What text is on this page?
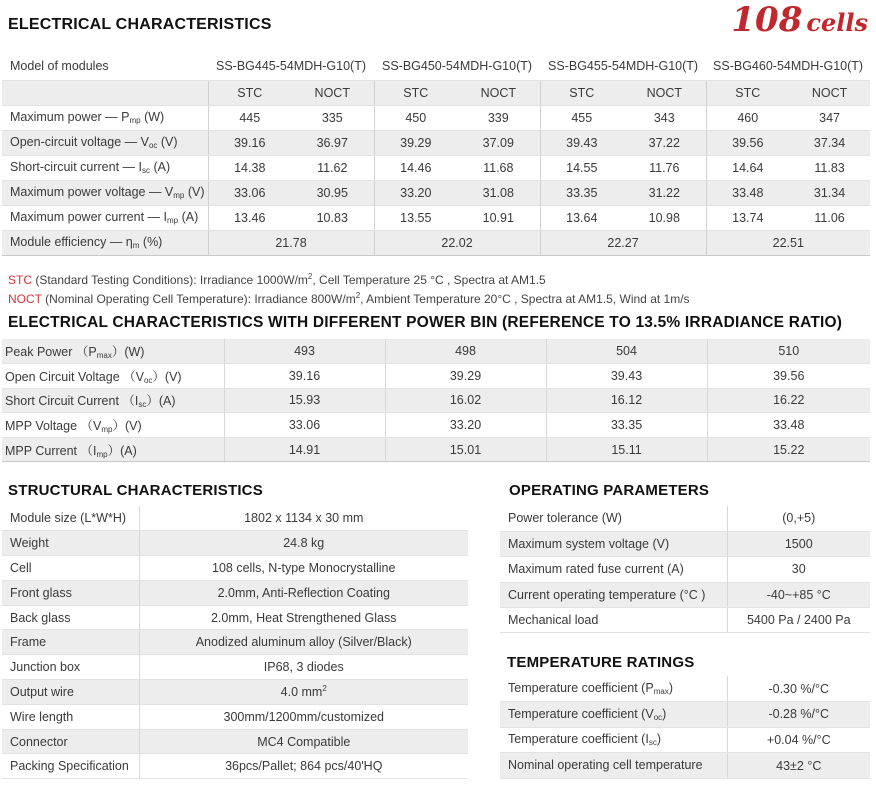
ELECTRICAL CHARACTERISTICS	108 cells
Model of modules	SS-BG445-54MDH-G10(T)		SS-BG450-54MDH-G10(T)		SS-BG455-54MDH-G10(T)		SS-BG460-54MDH-G10(T)	
	STC	NOCT	STC	NOCT	STC	NOCT	STC	NOCT
Maximum power — $P_{mp}$ (W)	445	335	450	339	455	343	460	347
Open-circuit voltage — $V_{oc}$ (V)	39.16	36.97	39.29	37.09	39.43	37.22	39.56	37.34
Short-circuit current — $I_{sc}$ (A)	14.38	11.62	14.46	11.68	14.55	11.76	14.64	11.83
Maximum power voltage — $V_{mp}$ (V)	33.06	30.95	33.20	31.08	33.35	31.22	33.48	31.34
Maximum power current — $I_{mp}$ (A)	13.46	10.83	13.55	10.91	13.64	10.98	13.74	11.06
Module efficiency — $\eta_m$ (%)	21.78		22.02		22.27		22.51	
STC (Standard Testing Conditions): Irradiance $1000W/m^2$, Cell Temperature 25 °C , Spectra at AM1.5
NOCT (Nominal Operating Cell Temperature): Irradiance $800W/m^2$, Ambient Temperature 20°C , Spectra at AM1.5, Wind at 1m/s
ELECTRICAL CHARACTERISTICS WITH DIFFERENT POWER BIN (REFERENCE TO 13.5% IRRADIANCE RATIO)
Peak Power $(P_{max})(W)$	493	498	504	510
Open Circuit Voltage $(V_{oc})(V)$	39.16	39.29	39.43	39.56
Short Circuit Current $(I_{sc})(A)$	15.93	16.02	16.12	16.22
MPP Voltage $(V_{mp})(V)$	33.06	33.20	33.35	33.48
MPP Current $(I_{mp})(A)$	14.91	15.01	15.11	15.22
STRUCTURAL CHARACTERISTICS
Module size (L*W*H)	1802 x 1134 x 30 mm
Weight	24.8 kg
Cell	108 cells, N-type Monocrystalline
Front glass	2.0mm, Anti-Reflection Coating
Back glass	2.0mm, Heat Strengthened Glass
Frame	Anodized aluminum alloy (Silver/Black)
Junction box	IP68, 3 diodes
Output wire	4.0 $mm^2$
Wire length	300mm/1200mm/customized
Connector	MC4 Compatible
Packing Specification	36pcs/Pallet; 864 pcs/40'HQ
OPERATING PARAMETERS
Power tolerance (W)	(0,+5)
Maximum system voltage (V)	1500
Maximum rated fuse current (A)	30
Current operating temperature (°C )	-40~+85 °C
Mechanical load	5400 Pa / 2400 Pa
TEMPERATURE RATINGS
Temperature coefficient $(P_{max})$	-0.30 %/°C
Temperature coefficient $(V_{oc})$	-0.28 %/°C
Temperature coefficient $(I_{sc})$	+0.04 %/°C
Nominal operating cell temperature	43±2 °C
